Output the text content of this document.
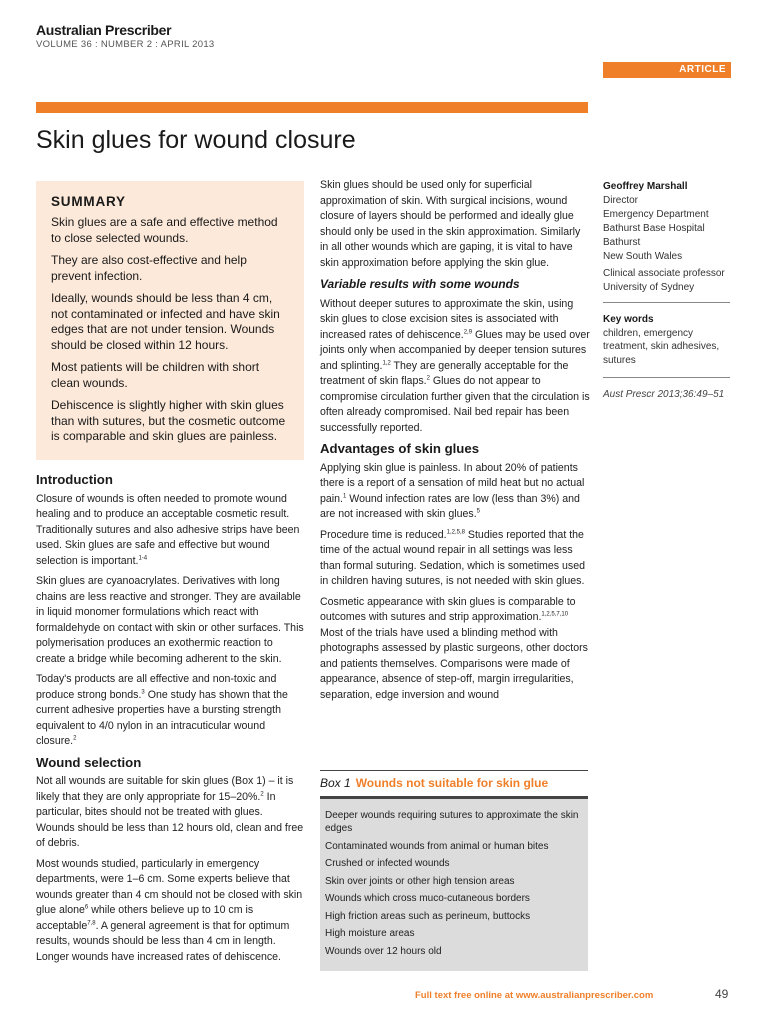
Australian Prescriber
VOLUME 36 : NUMBER 2 : APRIL 2013
ARTICLE
Skin glues for wound closure
SUMMARY

Skin glues are a safe and effective method to close selected wounds.

They are also cost-effective and help prevent infection.

Ideally, wounds should be less than 4 cm, not contaminated or infected and have skin edges that are not under tension. Wounds should be closed within 12 hours.

Most patients will be children with short clean wounds.

Dehiscence is slightly higher with skin glues than with sutures, but the cosmetic outcome is comparable and skin glues are painless.

Introduction

Closure of wounds is often needed to promote wound healing and to produce an acceptable cosmetic result. Traditionally sutures and also adhesive strips have been used. Skin glues are safe and effective but wound selection is important.$^{1-4}$

Skin glues are cyanoacrylates. Derivatives with long chains are less reactive and stronger. They are available in liquid monomer formulations which react with formaldehyde on contact with skin or other surfaces. This polymerisation produces an exothermic reaction to create a bridge while becoming adherent to the skin.

Today's products are all effective and non-toxic and produce strong bonds.$^3$ One study has shown that the current adhesive properties have a bursting strength equivalent to 4/0 nylon in an intracuticular wound closure.$^2$

Wound selection

Not all wounds are suitable for skin glues (Box 1) – it is likely that they are only appropriate for 15–20%.$^2$ In particular, bites should not be treated with glues. Wounds should be less than 12 hours old, clean and free of debris.

Most wounds studied, particularly in emergency departments, were 1–6 cm. Some experts believe that wounds greater than 4 cm should not be closed with skin glue alone$^6$ while others believe up to 10 cm is acceptable$^{7,8}$. A general agreement is that for optimum results, wounds should be less than 4 cm in length. Longer wounds have increased rates of dehiscence.

Skin glues should be used only for superficial approximation of skin. With surgical incisions, wound closure of layers should be performed and ideally glue should only be used in the skin approximation. Similarly in all other wounds which are gaping, it is vital to have skin approximation before applying the skin glue.

Variable results with some wounds

Without deeper sutures to approximate the skin, using skin glues to close excision sites is associated with increased rates of dehiscence.$^{2,9}$ Glues may be used over joints only when accompanied by deeper tension sutures and splinting.$^{1,2}$ They are generally acceptable for the treatment of skin flaps.$^2$ Glues do not appear to compromise circulation further given that the circulation is often already compromised. Nail bed repair has been successfully reported.

Advantages of skin glues

Applying skin glue is painless. In about 20% of patients there is a report of a sensation of mild heat but no actual pain.$^1$ Wound infection rates are low (less than 3%) and are not increased with skin glues.$^5$

Procedure time is reduced.$^{1,2,5,8}$ Studies reported that the time of the actual wound repair in all settings was less than formal suturing. Sedation, which is sometimes used in children having sutures, is not needed with skin glues.

Cosmetic appearance with skin glues is comparable to outcomes with sutures and strip approximation.$^{1,2,5,7,10}$ Most of the trials have used a blinding method with photographs assessed by plastic surgeons, other doctors and patients themselves. Comparisons were made of appearance, absence of step-off, margin irregularities, separation, edge inversion and wound

Geoffrey Marshall
Director
Emergency Department
Bathurst Base Hospital
Bathurst
New South Wales
Clinical associate professor
University of Sydney
Key words
children, emergency treatment, skin adhesives, sutures
Aust Prescr 2013;36:49–51
Box 1 Wounds not suitable for skin glue
Deeper wounds requiring sutures to approximate the skin edges
Contaminated wounds from animal or human bites
Crushed or infected wounds
Skin over joints or other high tension areas
Wounds which cross muco-cutaneous borders
High friction areas such as perineum, buttocks
High moisture areas
Wounds over 12 hours old
Full text free online at www.australianprescriber.com	49
